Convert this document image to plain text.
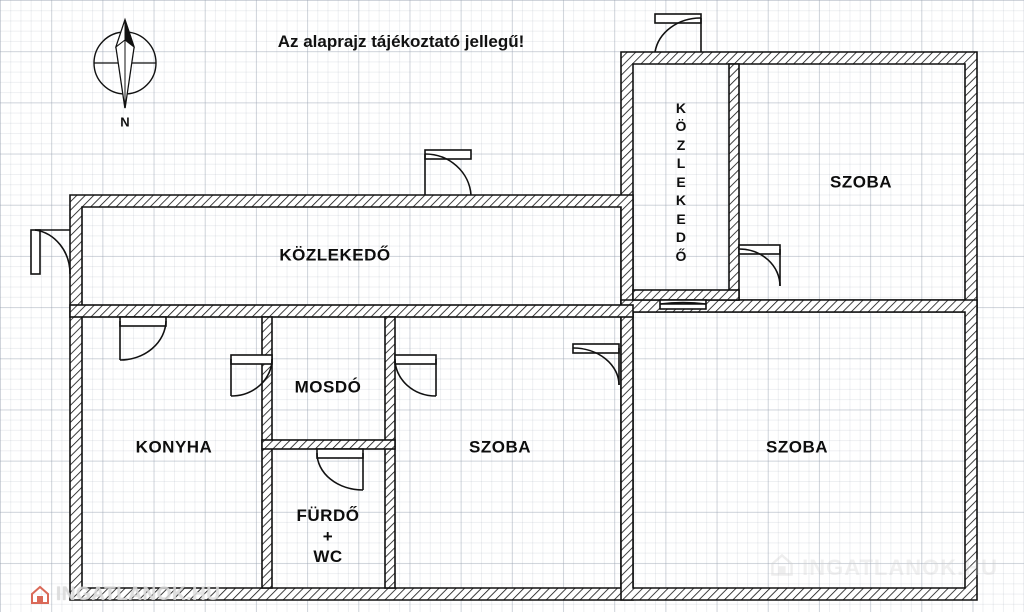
Az alaprajz tájékoztató jellegű!
N
KÖZLEKEDŐ
K
Ö
Z
L
E
K
E
D
Ő
SZOBA
KONYHA
MOSDÓ
FÜRDŐ
+
WC
SZOBA	SZOBA
INGATLANOK.HU
INGATLANOK.HU
